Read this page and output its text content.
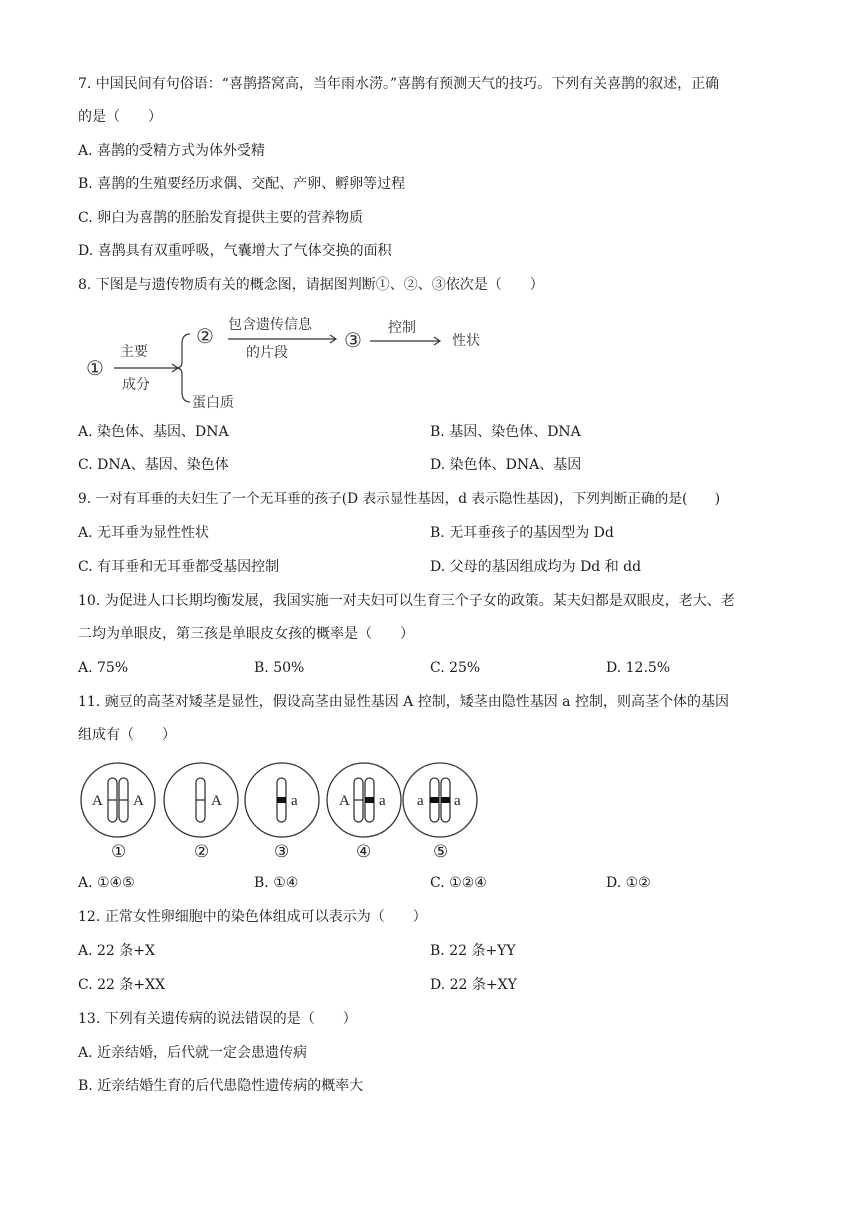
7. 中国民间有句俗语：“喜鹊搭窝高，当年雨水涝。”喜鹊有预测天气的技巧。下列有关喜鹊的叙述，正确
的是（　　）
A. 喜鹊的受精方式为体外受精
B. 喜鹊的生殖要经历求偶、交配、产卵、孵卵等过程
C. 卵白为喜鹊的胚胎发育提供主要的营养物质
D. 喜鹊具有双重呼吸，气囊增大了气体交换的面积
8. 下图是与遗传物质有关的概念图，请据图判断①、②、③依次是（　　）
①
主要
成分
② 包含遗传信息
的片段
③ 控制
性状
蛋白质
A. 染色体、基因、DNA	B. 基因、染色体、DNA
C. DNA、基因、染色体	D. 染色体、DNA、基因
9. 一对有耳垂的夫妇生了一个无耳垂的孩子(D 表示显性基因，d 表示隐性基因)，下列判断正确的是(　　)
A. 无耳垂为显性性状	B. 无耳垂孩子的基因型为 Dd
C. 有耳垂和无耳垂都受基因控制	D. 父母的基因组成均为 Dd 和 dd
10. 为促进人口长期均衡发展，我国实施一对夫妇可以生育三个子女的政策。某夫妇都是双眼皮，老大、老
二均为单眼皮，第三孩是单眼皮女孩的概率是（　　）
A. 75%	B. 50%	C. 25%	D. 12.5%
11. 豌豆的高茎对矮茎是显性，假设高茎由显性基因 A 控制，矮茎由隐性基因 a 控制，则高茎个体的基因
组成有（　　）
A A	A	a	A a a a
①	②	③	④	⑤
A. ①④⑤	B. ①④	C. ①②④	D. ①②
12. 正常女性卵细胞中的染色体组成可以表示为（　　）
A. 22 条+X	B. 22 条+YY
C. 22 条+XX	D. 22 条+XY
13. 下列有关遗传病的说法错误的是（　　）
A. 近亲结婚，后代就一定会患遗传病
B. 近亲结婚生育的后代患隐性遗传病的概率大
